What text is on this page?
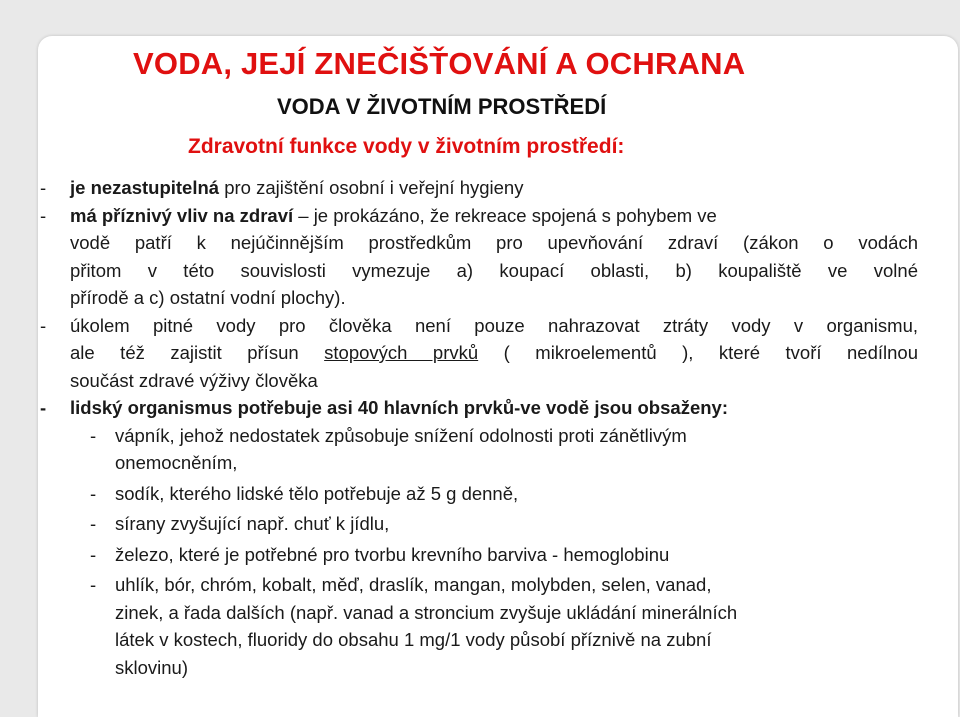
VODA, JEJÍ ZNEČIŠŤOVÁNÍ A OCHRANA
VODA V ŽIVOTNÍM PROSTŘEDÍ
Zdravotní funkce vody v životním prostředí:
- je nezastupitelná pro zajištění osobní i veřejní hygieny
- má příznivý vliv na zdraví – je prokázáno, že rekreace spojená s pohybem ve
vodě patří k nejúčinnějším prostředkům pro upevňování zdraví (zákon o vodách
přitom v této souvislosti vymezuje a) koupací oblasti, b) koupaliště ve volné
přírodě a c) ostatní vodní plochy).
- úkolem pitné vody pro člověka není pouze nahrazovat ztráty vody v organismu,
ale též zajistit přísun stopových prvků ( mikroelementů ), které tvoří nedílnou
součást zdravé výživy člověka
- lidský organismus potřebuje asi 40 hlavních prvků-ve vodě jsou obsaženy:
- vápník, jehož nedostatek způsobuje snížení odolnosti proti zánětlivým
onemocněním,
- sodík, kterého lidské tělo potřebuje až 5 g denně,
- sírany zvyšující např. chuť k jídlu,
- železo, které je potřebné pro tvorbu krevního barviva - hemoglobinu
- uhlík, bór, chróm, kobalt, měď, draslík, mangan, molybden, selen, vanad,
zinek, a řada dalších (např. vanad a stroncium zvyšuje ukládání minerálních
látek v kostech, fluoridy do obsahu 1 mg/1 vody působí příznivě na zubní
sklovinu)
